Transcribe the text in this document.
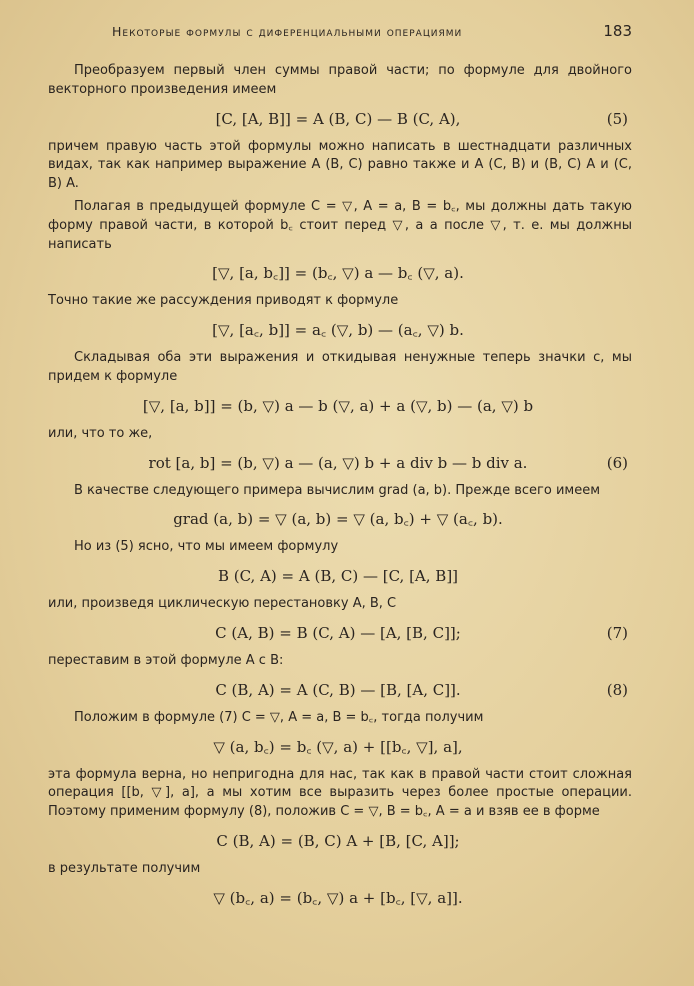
Некоторые формулы с диференциальными операциями	183

Преобразуем первый член суммы правой части; по формуле для двойного векторного произведения имеем

[C, [A, B]] = A (B, C) — B (C, A),	(5)

причем правую часть этой формулы можно написать в шестнадцати различных видах, так как например выражение A (B, C) равно также и A (C, B) и (B, C) A и (C, B) A.

Полагая в предыдущей формуле C = ▽, A = a, B = b꜀, мы должны дать такую форму правой части, в которой b꜀ стоит перед ▽, а а после ▽, т. е. мы должны написать

[▽, [a, b꜀]] = (b꜀, ▽) a — b꜀ (▽, a).

Точно такие же рассуждения приводят к формуле

[▽, [a꜀, b]] = a꜀ (▽, b) — (a꜀, ▽) b.

Складывая оба эти выражения и откидывая ненужные теперь значки c, мы придем к формуле

[▽, [a, b]] = (b, ▽) a — b (▽, a) + a (▽, b) — (a, ▽) b

или, что то же,

rot [a, b] = (b, ▽) a — (a, ▽) b + a div b — b div a.	(6)

В качестве следующего примера вычислим grad (a, b). Прежде всего имеем

grad (a, b) = ▽ (a, b) = ▽ (a, b꜀) + ▽ (a꜀, b).

Но из (5) ясно, что мы имеем формулу

B (C, A) = A (B, C) — [C, [A, B]]

или, произведя циклическую перестановку A, B, C

C (A, B) = B (C, A) — [A, [B, C]];	(7)

переставим в этой формуле A с B:

C (B, A) = A (C, B) — [B, [A, C]].	(8)

Положим в формуле (7) C = ▽, A = a, B = b꜀, тогда получим

▽ (a, b꜀) = b꜀ (▽, a) + [[b꜀, ▽], a],

эта формула верна, но непригодна для нас, так как в правой части стоит сложная операция [[b, ▽], a], а мы хотим все выразить через более простые операции. Поэтому применим формулу (8), положив C = ▽, B = b꜀, A = a и взяв ее в форме

C (B, A) = (B, C) A + [B, [C, A]];

в результате получим

▽ (b꜀, a) = (b꜀, ▽) a + [b꜀, [▽, a]].
